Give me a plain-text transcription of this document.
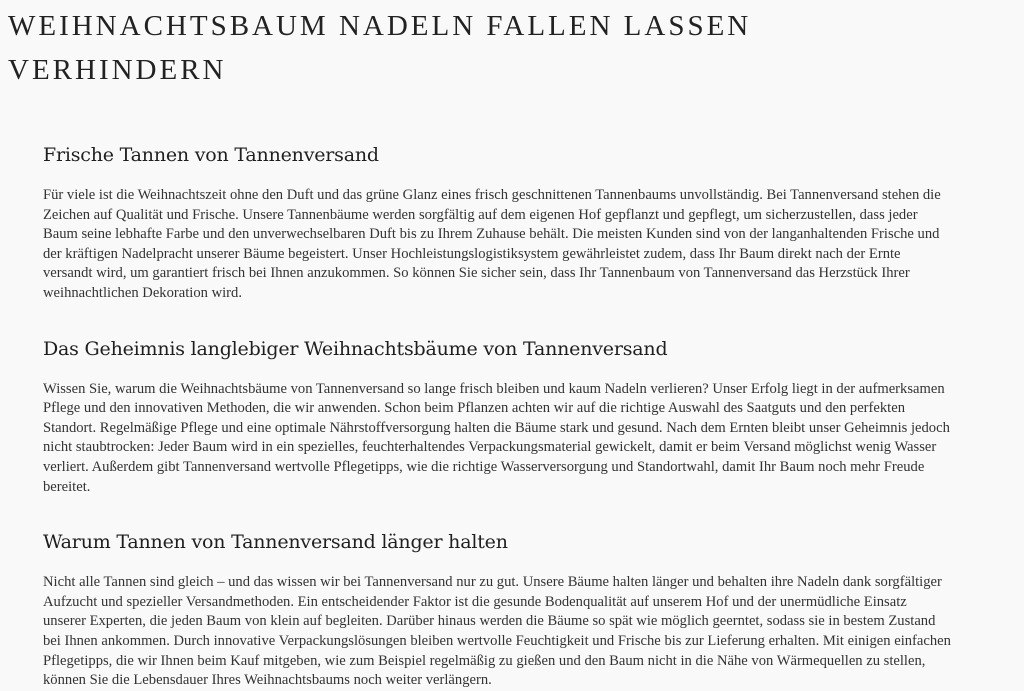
WEIHNACHTSBAUM NADELN FALLEN LASSEN VERHINDERN
Frische Tannen von Tannenversand

Für viele ist die Weihnachtszeit ohne den Duft und das grüne Glanz eines frisch geschnittenen Tannenbaums unvollständig. Bei Tannenversand stehen die Zeichen auf Qualität und Frische. Unsere Tannenbäume werden sorgfältig auf dem eigenen Hof gepflanzt und gepflegt, um sicherzustellen, dass jeder Baum seine lebhafte Farbe und den unverwechselbaren Duft bis zu Ihrem Zuhause behält. Die meisten Kunden sind von der langanhaltenden Frische und der kräftigen Nadelpracht unserer Bäume begeistert. Unser Hochleistungslogistiksystem gewährleistet zudem, dass Ihr Baum direkt nach der Ernte versandt wird, um garantiert frisch bei Ihnen anzukommen. So können Sie sicher sein, dass Ihr Tannenbaum von Tannenversand das Herzstück Ihrer weihnachtlichen Dekoration wird.

Das Geheimnis langlebiger Weihnachtsbäume von Tannenversand

Wissen Sie, warum die Weihnachtsbäume von Tannenversand so lange frisch bleiben und kaum Nadeln verlieren? Unser Erfolg liegt in der aufmerksamen Pflege und den innovativen Methoden, die wir anwenden. Schon beim Pflanzen achten wir auf die richtige Auswahl des Saatguts und den perfekten Standort. Regelmäßige Pflege und eine optimale Nährstoffversorgung halten die Bäume stark und gesund. Nach dem Ernten bleibt unser Geheimnis jedoch nicht staubtrocken: Jeder Baum wird in ein spezielles, feuchterhaltendes Verpackungsmaterial gewickelt, damit er beim Versand möglichst wenig Wasser verliert. Außerdem gibt Tannenversand wertvolle Pflegetipps, wie die richtige Wasserversorgung und Standortwahl, damit Ihr Baum noch mehr Freude bereitet.

Warum Tannen von Tannenversand länger halten

Nicht alle Tannen sind gleich – und das wissen wir bei Tannenversand nur zu gut. Unsere Bäume halten länger und behalten ihre Nadeln dank sorgfältiger Aufzucht und spezieller Versandmethoden. Ein entscheidender Faktor ist die gesunde Bodenqualität auf unserem Hof und der unermüdliche Einsatz unserer Experten, die jeden Baum von klein auf begleiten. Darüber hinaus werden die Bäume so spät wie möglich geerntet, sodass sie in bestem Zustand bei Ihnen ankommen. Durch innovative Verpackungslösungen bleiben wertvolle Feuchtigkeit und Frische bis zur Lieferung erhalten. Mit einigen einfachen Pflegetipps, die wir Ihnen beim Kauf mitgeben, wie zum Beispiel regelmäßig zu gießen und den Baum nicht in die Nähe von Wärmequellen zu stellen, können Sie die Lebensdauer Ihres Weihnachtsbaums noch weiter verlängern.
